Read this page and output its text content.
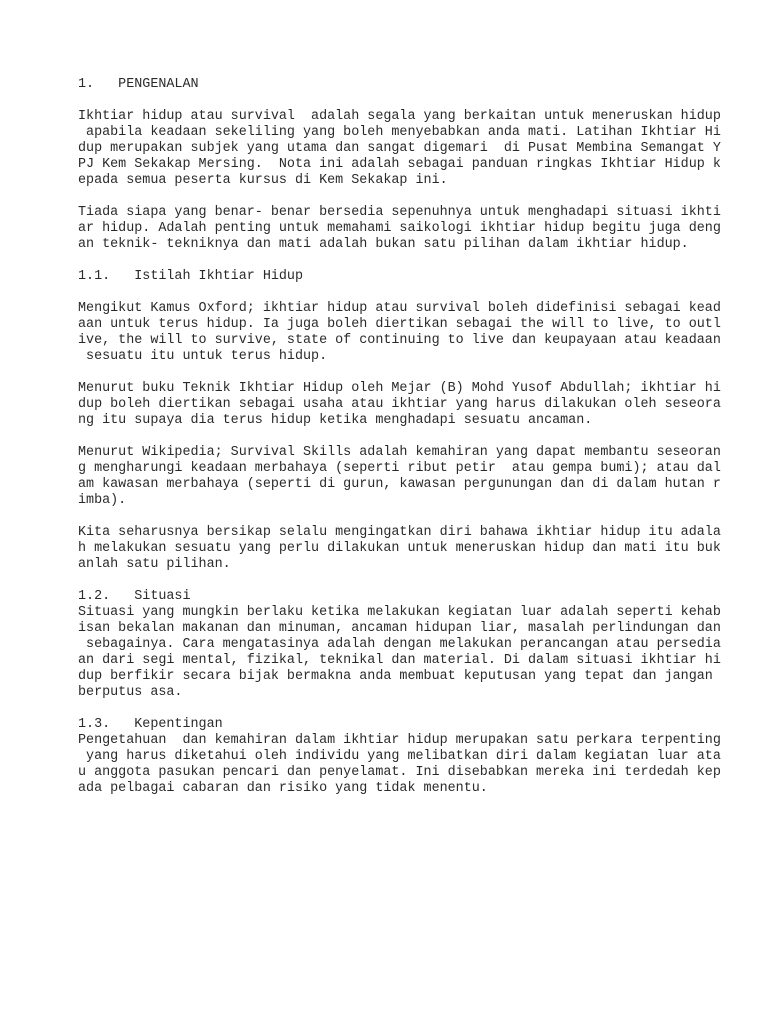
1.   PENGENALAN
Ikhtiar hidup atau survival  adalah segala yang berkaitan untuk meneruskan hidup
apabila keadaan sekeliling yang boleh menyebabkan anda mati. Latihan Ikhtiar Hi
dup merupakan subjek yang utama dan sangat digemari  di Pusat Membina Semangat Y
PJ Kem Sekakap Mersing.  Nota ini adalah sebagai panduan ringkas Ikhtiar Hidup k
epada semua peserta kursus di Kem Sekakap ini.
Tiada siapa yang benar- benar bersedia sepenuhnya untuk menghadapi situasi ikhti
ar hidup. Adalah penting untuk memahami saikologi ikhtiar hidup begitu juga deng
an teknik- tekniknya dan mati adalah bukan satu pilihan dalam ikhtiar hidup.
1.1.   Istilah Ikhtiar Hidup
Mengikut Kamus Oxford; ikhtiar hidup atau survival boleh didefinisi sebagai kead
aan untuk terus hidup. Ia juga boleh diertikan sebagai the will to live, to outl
ive, the will to survive, state of continuing to live dan keupayaan atau keadaan
sesuatu itu untuk terus hidup.
Menurut buku Teknik Ikhtiar Hidup oleh Mejar (B) Mohd Yusof Abdullah; ikhtiar hi
dup boleh diertikan sebagai usaha atau ikhtiar yang harus dilakukan oleh seseora
ng itu supaya dia terus hidup ketika menghadapi sesuatu ancaman.
Menurut Wikipedia; Survival Skills adalah kemahiran yang dapat membantu seseoran
g mengharungi keadaan merbahaya (seperti ribut petir  atau gempa bumi); atau dal
am kawasan merbahaya (seperti di gurun, kawasan pergunungan dan di dalam hutan r
imba).
Kita seharusnya bersikap selalu mengingatkan diri bahawa ikhtiar hidup itu adala
h melakukan sesuatu yang perlu dilakukan untuk meneruskan hidup dan mati itu buk
anlah satu pilihan.
1.2.   Situasi
Situasi yang mungkin berlaku ketika melakukan kegiatan luar adalah seperti kehab
isan bekalan makanan dan minuman, ancaman hidupan liar, masalah perlindungan dan
sebagainya. Cara mengatasinya adalah dengan melakukan perancangan atau persedia
an dari segi mental, fizikal, teknikal dan material. Di dalam situasi ikhtiar hi
dup berfikir secara bijak bermakna anda membuat keputusan yang tepat dan jangan
berputus asa.
1.3.   Kepentingan
Pengetahuan  dan kemahiran dalam ikhtiar hidup merupakan satu perkara terpenting
yang harus diketahui oleh individu yang melibatkan diri dalam kegiatan luar ata
u anggota pasukan pencari dan penyelamat. Ini disebabkan mereka ini terdedah kep
ada pelbagai cabaran dan risiko yang tidak menentu.
